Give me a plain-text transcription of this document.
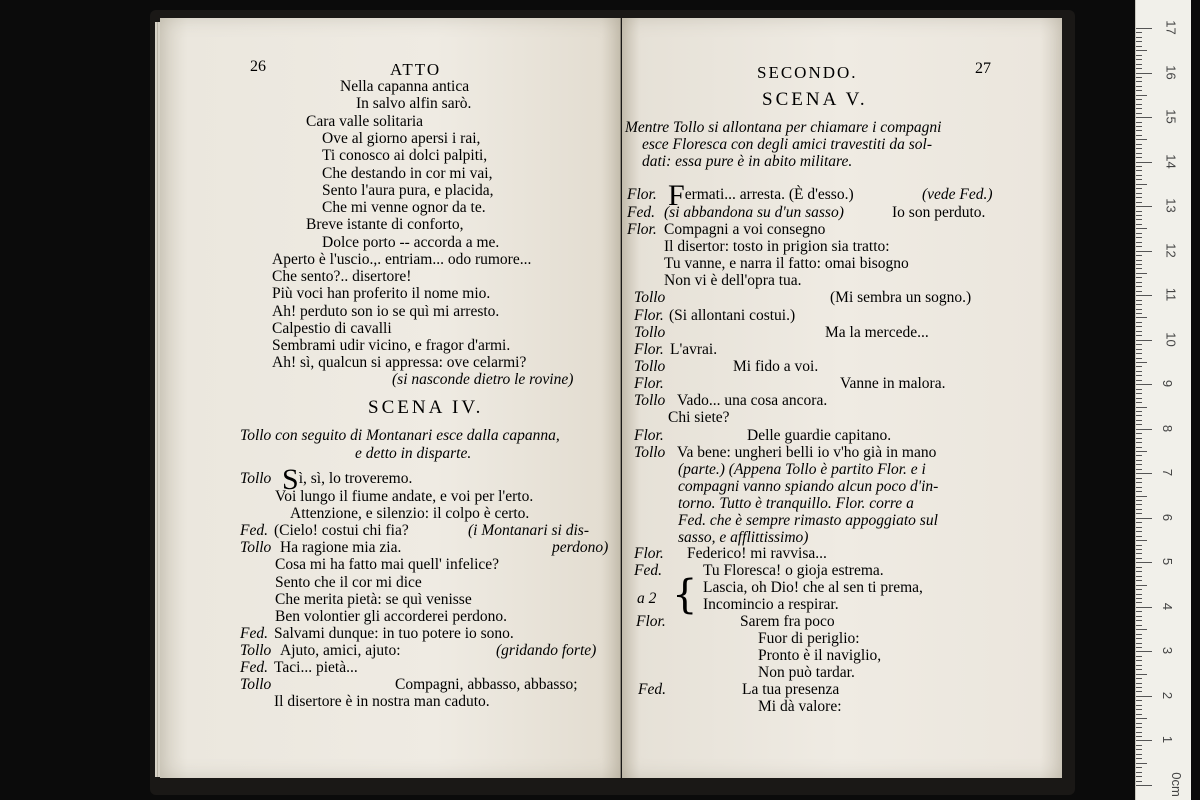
26	ATTO
Nella capanna antica
In salvo alfin sarò.
Cara valle solitaria
Ove al giorno apersi i rai,
Ti conosco ai dolci palpiti,
Che destando in cor mi vai,
Sento l'aura pura, e placida,
Che mi venne ognor da te.
Breve istante di conforto,
Dolce porto -- accorda a me.
Aperto è l'uscio.,. entriam... odo rumore...
Che sento?.. disertore!
Più voci han proferito il nome mio.
Ah! perduto son io se quì mi arresto.
Calpestio di cavalli
Sembrami udir vicino, e fragor d'armi.
Ah! sì, qualcun si appressa: ove celarmi?
(si nasconde dietro le rovine)
SCENA IV.
Tollo con seguito di Montanari esce dalla capanna,
e detto in disparte.
Tollo Sì, sì, lo troveremo.
Voi lungo il fiume andate, e voi per l'erto.
Attenzione, e silenzio: il colpo è certo.
Fed. (Cielo! costui chi fia?	(i Montanari si dis-
Tollo Ha ragione mia zia.	perdono)
Cosa mi ha fatto mai quell' infelice?
Sento che il cor mi dice
Che merita pietà: se quì venisse
Ben volontier gli accorderei perdono.
Fed. Salvami dunque: in tuo potere io sono.
Tollo Ajuto, amici, ajuto:	(gridando forte)
Fed. Taci... pietà...
Tollo	Compagni, abbasso, abbasso;
Il disertore è in nostra man caduto.
SECONDO.	27
SCENA V.
Mentre Tollo si allontana per chiamare i compagni
esce Floresca con degli amici travestiti da sol-
dati: essa pure è in abito militare.
Flor. Fermati... arresta. (È d'esso.)	(vede Fed.)
Fed. (si abbandona su d'un sasso)	Io son perduto.
Flor. Compagni a voi consegno
Il disertor: tosto in prigion sia tratto:
Tu vanne, e narra il fatto: omai bisogno
Non vi è dell'opra tua.
Tollo	(Mi sembra un sogno.)
Flor. (Si allontani costui.)
Tollo	Ma la mercede...
Flor. L'avrai.
Tollo	Mi fido a voi.
Flor.	Vanne in malora.
Tollo Vado... una cosa ancora.
Chi siete?
Flor.	Delle guardie capitano.
Tollo Va bene: ungheri belli io v'ho già in mano
(parte.) (Appena Tollo è partito Flor. e i
compagni vanno spiando alcun poco d'in-
torno. Tutto è tranquillo. Flor. corre a
Fed. che è sempre rimasto appoggiato sul
sasso, e afflittissimo)
Flor. Federico! mi ravvisa...
Fed.	Tu Floresca! o gioja estrema.
a 2 { Lascia, oh Dio! che al sen ti prema,
Incomincio a respirar.
Flor.	Sarem fra poco
Fuor di periglio:
Pronto è il naviglio,
Non può tardar.
Fed.	La tua presenza
Mi dà valore:
17
16
15
14
13
12
11
10
9
8
7
6
5
4
3
2
1
0cm
